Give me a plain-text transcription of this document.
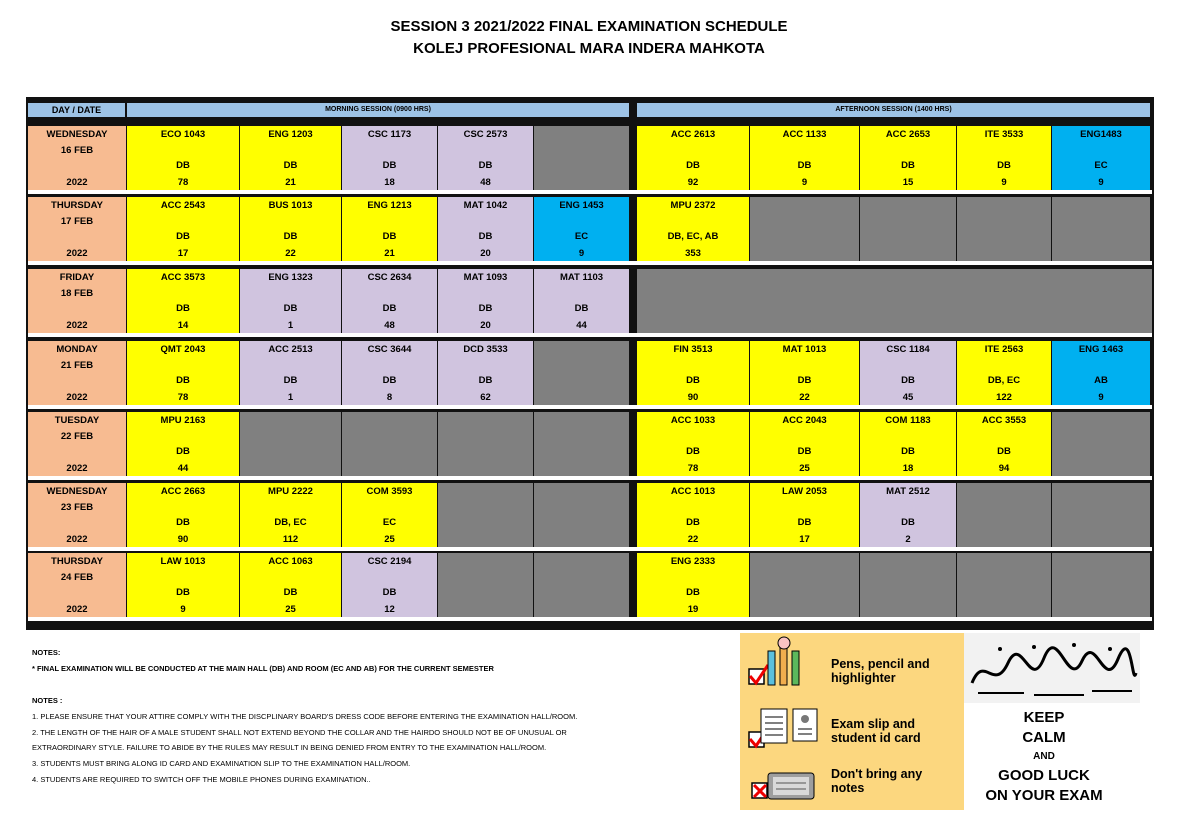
SESSION 3 2021/2022 FINAL EXAMINATION SCHEDULE
KOLEJ PROFESIONAL MARA INDERA MAHKOTA
DAY / DATE	MORNING SESSION (0900 HRS)	AFTERNOON SESSION (1400 HRS)
WEDNESDAY
16 FEB
2022
ECO 1043
DB
78
ENG 1203
DB
21
CSC 1173
DB
18
CSC 2573
DB
48
ACC 2613
DB
92
ACC 1133
DB
9
ACC 2653
DB
15
ITE 3533
DB
9
ENG1483
EC
9
THURSDAY
17 FEB
2022
ACC 2543
DB
17
BUS 1013
DB
22
ENG 1213
DB
21
MAT 1042
DB
20
ENG 1453
EC
9
MPU 2372
DB, EC, AB
353
FRIDAY
18 FEB
2022
ACC 3573
DB
14
ENG 1323
DB
1
CSC 2634
DB
48
MAT 1093
DB
20
MAT 1103
DB
44
MONDAY
21 FEB
2022
QMT 2043
DB
78
ACC 2513
DB
1
CSC 3644
DB
8
DCD 3533
DB
62
FIN 3513
DB
90
MAT 1013
DB
22
CSC 1184
DB
45
ITE 2563
DB, EC
122
ENG 1463
AB
9
TUESDAY
22 FEB
2022
MPU 2163
DB
44
ACC 1033
DB
78
ACC 2043
DB
25
COM 1183
DB
18
ACC 3553
DB
94
WEDNESDAY
23 FEB
2022
ACC 2663
DB
90
MPU 2222
DB, EC
112
COM 3593
EC
25
ACC 1013
DB
22
LAW 2053
DB
17
MAT 2512
DB
2
THURSDAY
24 FEB
2022
LAW 1013
DB
9
ACC 1063
DB
25
CSC 2194
DB
12
ENG 2333
DB
19
NOTES:
* FINAL EXAMINATION WILL BE CONDUCTED AT THE MAIN HALL (DB) AND ROOM (EC AND AB) FOR THE CURRENT SEMESTER
NOTES :
1. PLEASE ENSURE THAT YOUR ATTIRE COMPLY WITH THE DISCPLINARY BOARD'S DRESS CODE BEFORE ENTERING THE EXAMINATION HALL/ROOM.
2. THE LENGTH OF THE HAIR OF A MALE STUDENT SHALL NOT EXTEND BEYOND THE COLLAR AND THE HAIRDO SHOULD NOT BE OF UNUSUAL OR
EXTRAORDINARY STYLE. FAILURE TO ABIDE BY THE RULES MAY RESULT IN BEING DENIED FROM ENTRY TO THE EXAMINATION HALL/ROOM.
3. STUDENTS MUST BRING ALONG ID CARD AND EXAMINATION SLIP TO THE EXAMINATION HALL/ROOM.
4. STUDENTS ARE REQUIRED TO SWITCH OFF THE MOBILE PHONES DURING EXAMINATION..
Pens, pencil and highlighter
Exam slip and student id card
Don't bring any notes
KEEP
CALM
AND
GOOD LUCK
ON YOUR EXAM
